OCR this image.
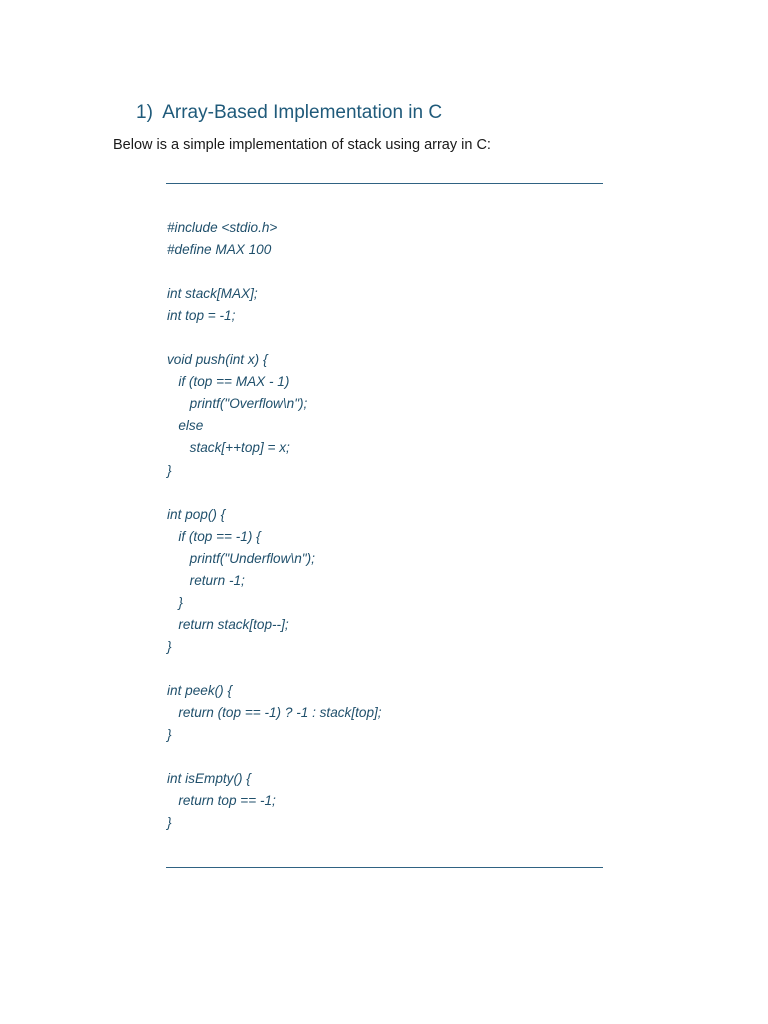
1) Array-Based Implementation in C

Below is a simple implementation of stack using array in C:

#include <stdio.h>
#define MAX 100
int stack[MAX];
int top = -1;
void push(int x) {
if (top == MAX - 1)
printf("Overflow\n");
else
stack[++top] = x;
}
int pop() {
if (top == -1) {
printf("Underflow\n");
return -1;
}
return stack[top--];
}
int peek() {
return (top == -1) ? -1 : stack[top];
}
int isEmpty() {
return top == -1;
}
